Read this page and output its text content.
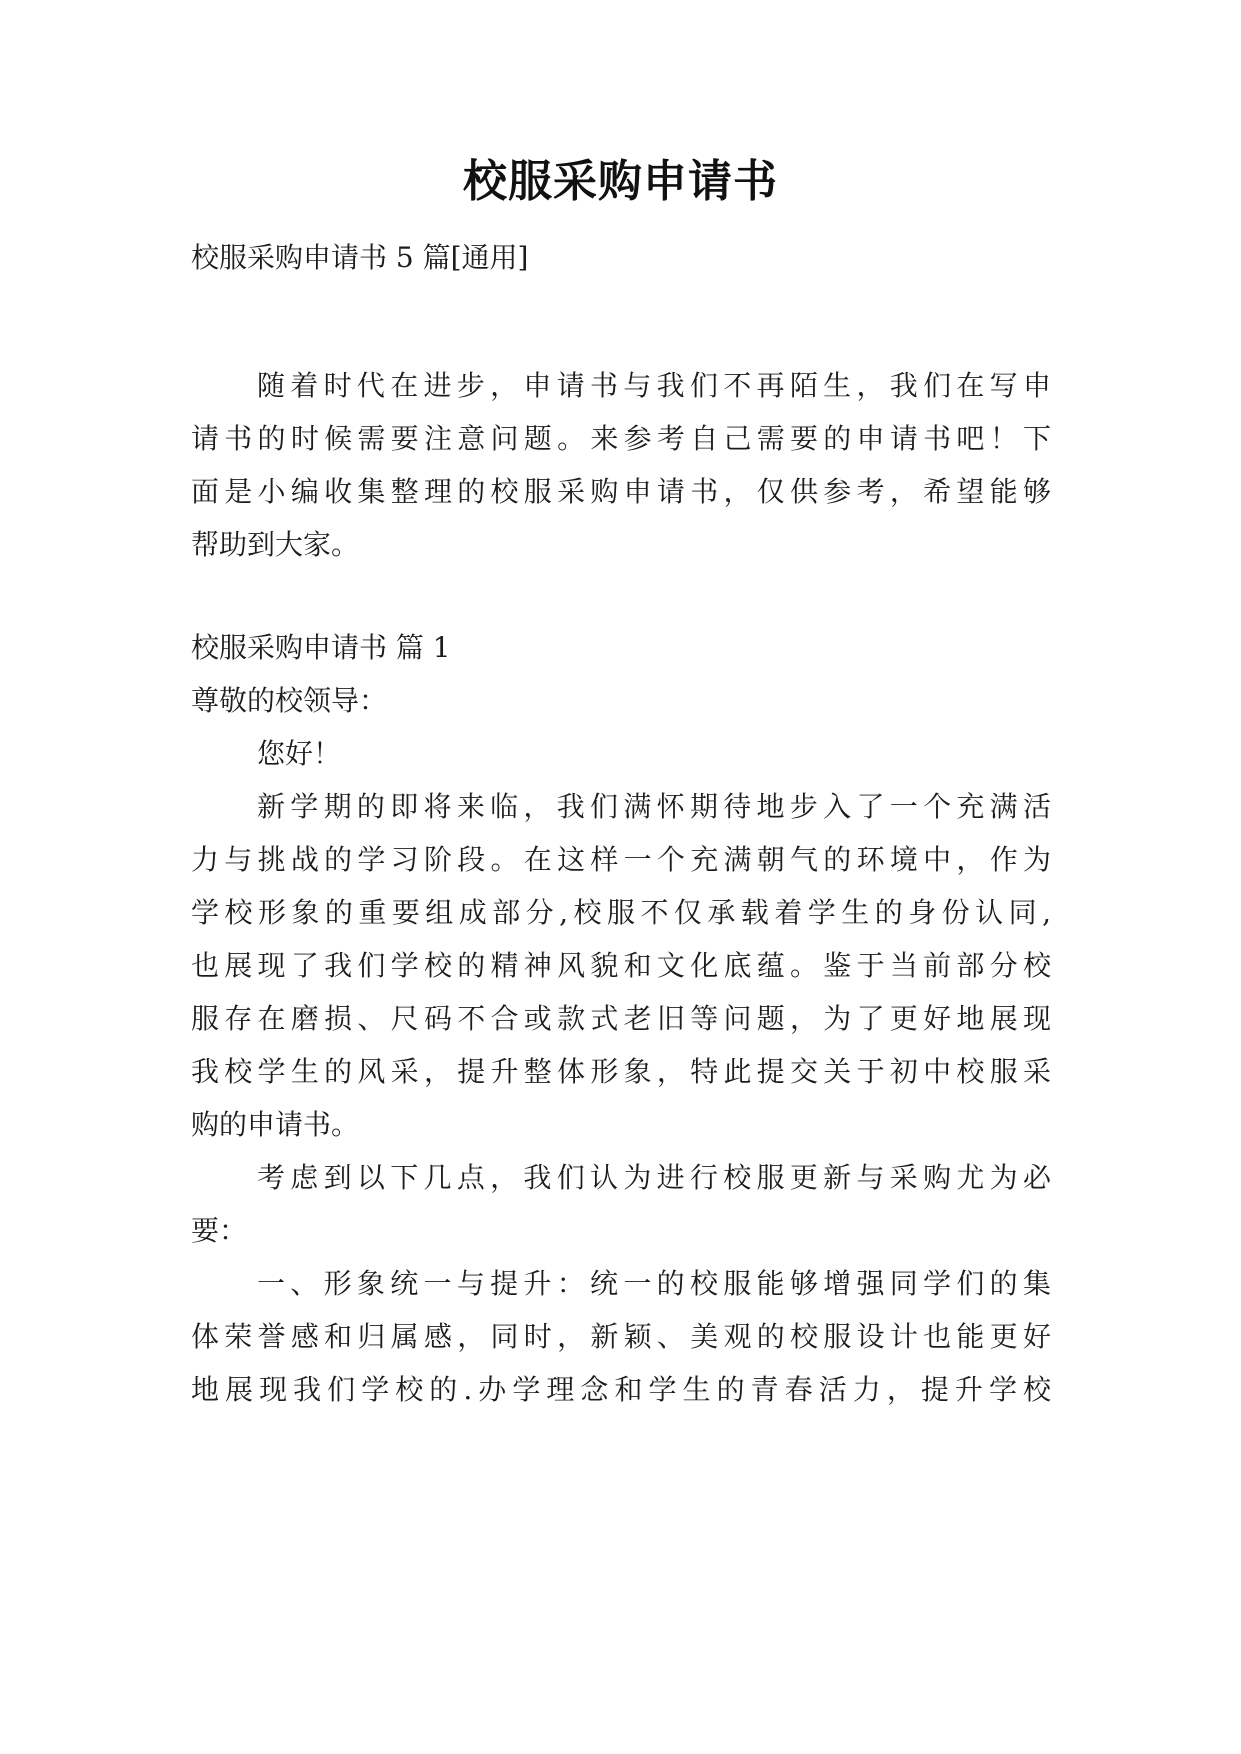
校服采购申请书
校服采购申请书 5 篇[通用]
随着时代在进步，申请书与我们不再陌生，我们在写申
请书的时候需要注意问题。来参考自己需要的申请书吧！下
面是小编收集整理的校服采购申请书，仅供参考，希望能够
帮助到大家。
校服采购申请书 篇 1
尊敬的校领导：
您好！
新学期的即将来临，我们满怀期待地步入了一个充满活
力与挑战的学习阶段。在这样一个充满朝气的环境中，作为
学校形象的重要组成部分,校服不仅承载着学生的身份认同,
也展现了我们学校的精神风貌和文化底蕴。鉴于当前部分校
服存在磨损、尺码不合或款式老旧等问题，为了更好地展现
我校学生的风采，提升整体形象，特此提交关于初中校服采
购的申请书。
考虑到以下几点，我们认为进行校服更新与采购尤为必
要：
一、形象统一与提升：统一的校服能够增强同学们的集
体荣誉感和归属感，同时，新颖、美观的校服设计也能更好
地展现我们学校的.办学理念和学生的青春活力，提升学校
